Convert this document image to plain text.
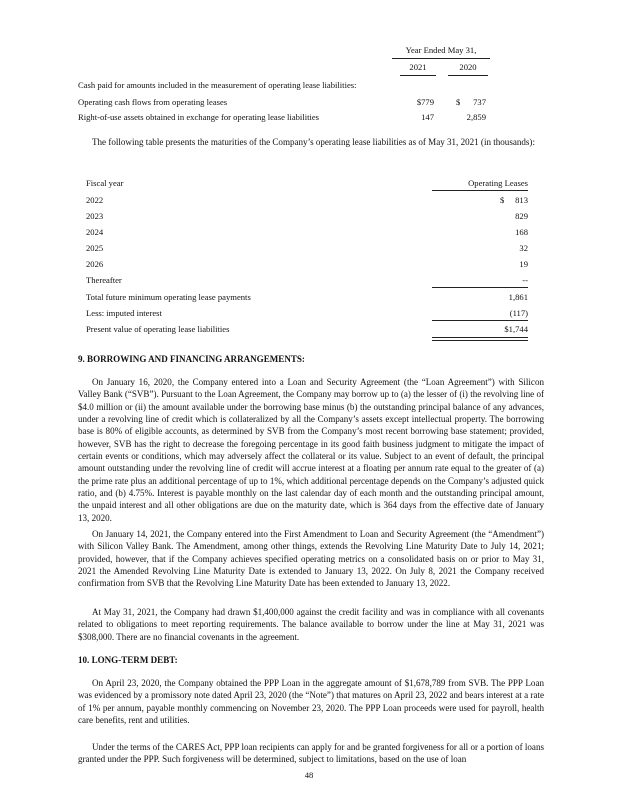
Year Ended May 31,
2021	2020
Cash paid for amounts included in the measurement of operating lease liabilities:
Operating cash flows from operating leases	$779	$	737
Right-of-use assets obtained in exchange for operating lease liabilities	147	2,859
The following table presents the maturities of the Company’s operating lease liabilities as of May 31, 2021 (in thousands):
Fiscal year	Operating Leases
2022	$	813
2023	829
2024	168
2025	32
2026	19
Thereafter	--
Total future minimum operating lease payments	1,861
Less: imputed interest	(117)
Present value of operating lease liabilities	$1,744
9. BORROWING AND FINANCING ARRANGEMENTS:
On January 16, 2020, the Company entered into a Loan and Security Agreement (the “Loan Agreement”) with Silicon Valley Bank (“SVB”). Pursuant to the Loan Agreement, the Company may borrow up to (a) the lesser of (i) the revolving line of $4.0 million or (ii) the amount available under the borrowing base minus (b) the outstanding principal balance of any advances, under a revolving line of credit which is collateralized by all the Company’s assets except intellectual property. The borrowing base is 80% of eligible accounts, as determined by SVB from the Company’s most recent borrowing base statement; provided, however, SVB has the right to decrease the foregoing percentage in its good faith business judgment to mitigate the impact of certain events or conditions, which may adversely affect the collateral or its value. Subject to an event of default, the principal amount outstanding under the revolving line of credit will accrue interest at a floating per annum rate equal to the greater of (a) the prime rate plus an additional percentage of up to 1%, which additional percentage depends on the Company’s adjusted quick ratio, and (b) 4.75%. Interest is payable monthly on the last calendar day of each month and the outstanding principal amount, the unpaid interest and all other obligations are due on the maturity date, which is 364 days from the effective date of January 13, 2020.
On January 14, 2021, the Company entered into the First Amendment to Loan and Security Agreement (the “Amendment”) with Silicon Valley Bank. The Amendment, among other things, extends the Revolving Line Maturity Date to July 14, 2021; provided, however, that if the Company achieves specified operating metrics on a consolidated basis on or prior to May 31, 2021 the Amended Revolving Line Maturity Date is extended to January 13, 2022. On July 8, 2021 the Company received confirmation from SVB that the Revolving Line Maturity Date has been extended to January 13, 2022.
At May 31, 2021, the Company had drawn $1,400,000 against the credit facility and was in compliance with all covenants related to obligations to meet reporting requirements. The balance available to borrow under the line at May 31, 2021 was $308,000. There are no financial covenants in the agreement.
10. LONG-TERM DEBT:
On April 23, 2020, the Company obtained the PPP Loan in the aggregate amount of $1,678,789 from SVB. The PPP Loan was evidenced by a promissory note dated April 23, 2020 (the “Note”) that matures on April 23, 2022 and bears interest at a rate of 1% per annum, payable monthly commencing on November 23, 2020. The PPP Loan proceeds were used for payroll, health care benefits, rent and utilities.
Under the terms of the CARES Act, PPP loan recipients can apply for and be granted forgiveness for all or a portion of loans granted under the PPP. Such forgiveness will be determined, subject to limitations, based on the use of loan
48
